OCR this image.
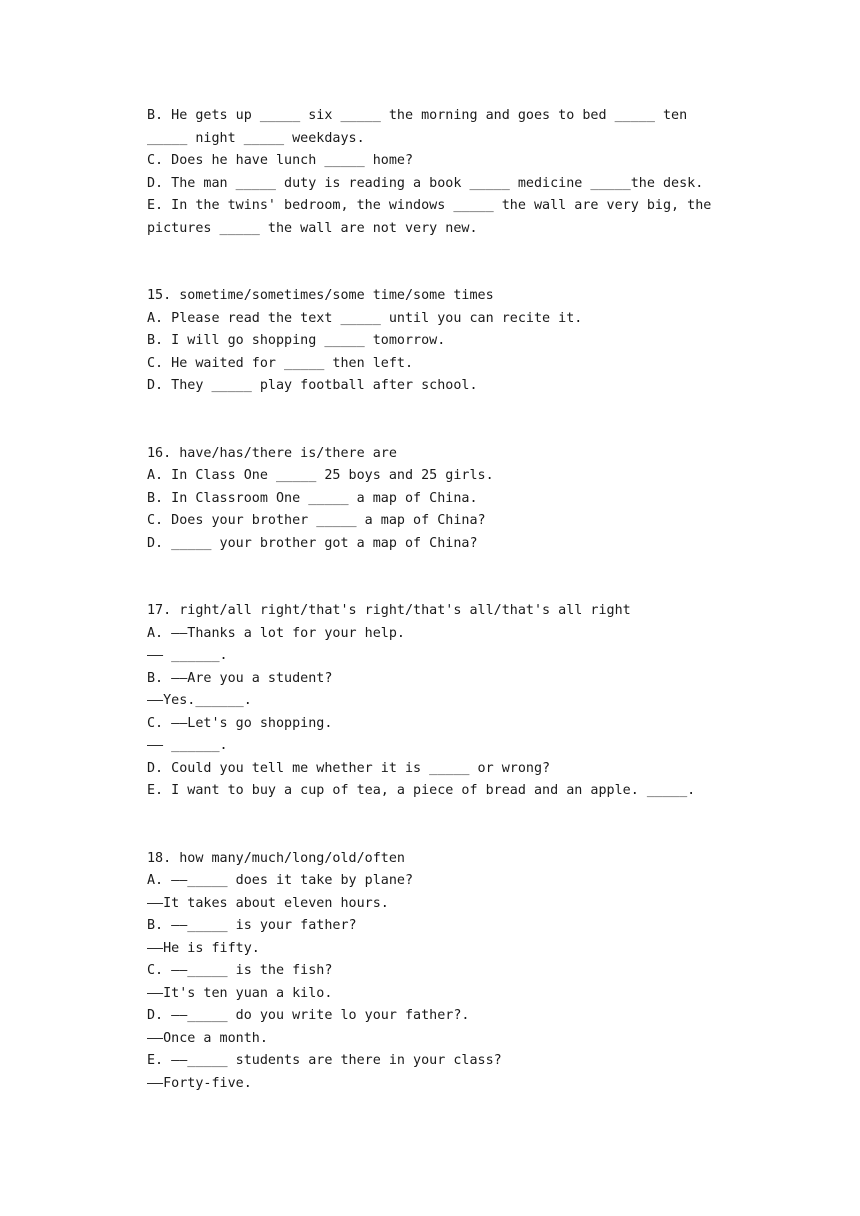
B. He gets up _____ six _____ the morning and goes to bed _____ ten
_____ night _____ weekdays.
C. Does he have lunch _____ home?
D. The man _____ duty is reading a book _____ medicine _____the desk.
E. In the twins' bedroom, the windows _____ the wall are very big, the
pictures _____ the wall are not very new.
15. sometime/sometimes/some time/some times
A. Please read the text _____ until you can recite it.
B. I will go shopping _____ tomorrow.
C. He waited for _____ then left.
D. They _____ play football after school.
16. have/has/there is/there are
A. In Class One _____ 25 boys and 25 girls.
B. In Classroom One _____ a map of China.
C. Does your brother _____ a map of China?
D. _____ your brother got a map of China?
17. right/all right/that's right/that's all/that's all right
A. ——Thanks a lot for your help.
—— ______.
B. ——Are you a student?
——Yes.______.
C. ——Let's go shopping.
—— ______.
D. Could you tell me whether it is _____ or wrong?
E. I want to buy a cup of tea, a piece of bread and an apple. _____.
18. how many/much/long/old/often
A. ——_____ does it take by plane?
——It takes about eleven hours.
B. ——_____ is your father?
——He is fifty.
C. ——_____ is the fish?
——It's ten yuan a kilo.
D. ——_____ do you write lo your father?.
——Once a month.
E. ——_____ students are there in your class?
——Forty-five.
